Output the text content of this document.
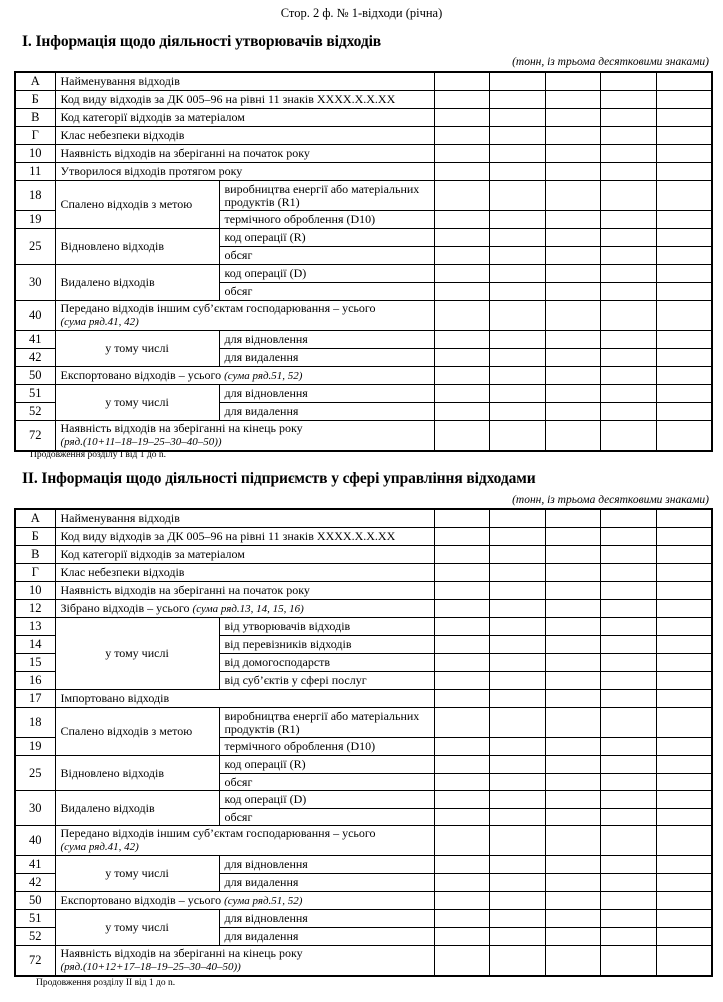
Стор. 2 ф. № 1-відходи (річна)
I. Інформація щодо діяльності утворювачів відходів
(тонн, із трьома десятковими знаками)
А	Найменування відходів						
Б	Код виду відходів за ДК 005–96 на рівні 11 знаків ХХХХ.Х.Х.ХХ						
В	Код категорії відходів за матеріалом						
Г	Клас небезпеки відходів						
10	Наявність відходів на зберіганні на початок року						
11	Утворилося відходів протягом року						
18	Спалено відходів з метою	виробництва енергії або матеріальних продуктів (R1)					
19		термічного оброблення (D10)					
25	Відновлено відходів	код операції (R)					
		обсяг					
30	Видалено відходів	код операції (D)					
		обсяг					
40	Передано відходів іншим суб’єктам господарювання – усього
(сума ряд.41, 42)						
41	у тому числі	для відновлення					
42		для видалення					
50	Експортовано відходів – усього (сума ряд.51, 52)						
51	у тому числі	для відновлення					
52		для видалення					
72	Наявність відходів на зберіганні на кінець року
(ряд.(10+11–18–19–25–30–40–50))						
Продовження розділу I від 1 до n.
II. Інформація щодо діяльності підприємств у сфері управління відходами
(тонн, із трьома десятковими знаками)
А	Найменування відходів						
Б	Код виду відходів за ДК 005–96 на рівні 11 знаків ХХХХ.Х.Х.ХХ						
В	Код категорії відходів за матеріалом						
Г	Клас небезпеки відходів						
10	Наявність відходів на зберіганні на початок року						
12	Зібрано відходів – усього (сума ряд.13, 14, 15, 16)						
13	у тому числі	від утворювачів відходів					
14		від перевізників відходів					
15		від домогосподарств					
16		від суб’єктів у сфері послуг					
17	Імпортовано відходів						
18	Спалено відходів з метою	виробництва енергії або матеріальних продуктів (R1)					
19		термічного оброблення (D10)					
25	Відновлено відходів	код операції (R)					
		обсяг					
30	Видалено відходів	код операції (D)					
		обсяг					
40	Передано відходів іншим суб’єктам господарювання – усього
(сума ряд.41, 42)						
41	у тому числі	для відновлення					
42		для видалення					
50	Експортовано відходів – усього (сума ряд.51, 52)						
51	у тому числі	для відновлення					
52		для видалення					
72	Наявність відходів на зберіганні на кінець року
(ряд.(10+12+17–18–19–25–30–40–50))						
Продовження розділу II від 1 до n.
